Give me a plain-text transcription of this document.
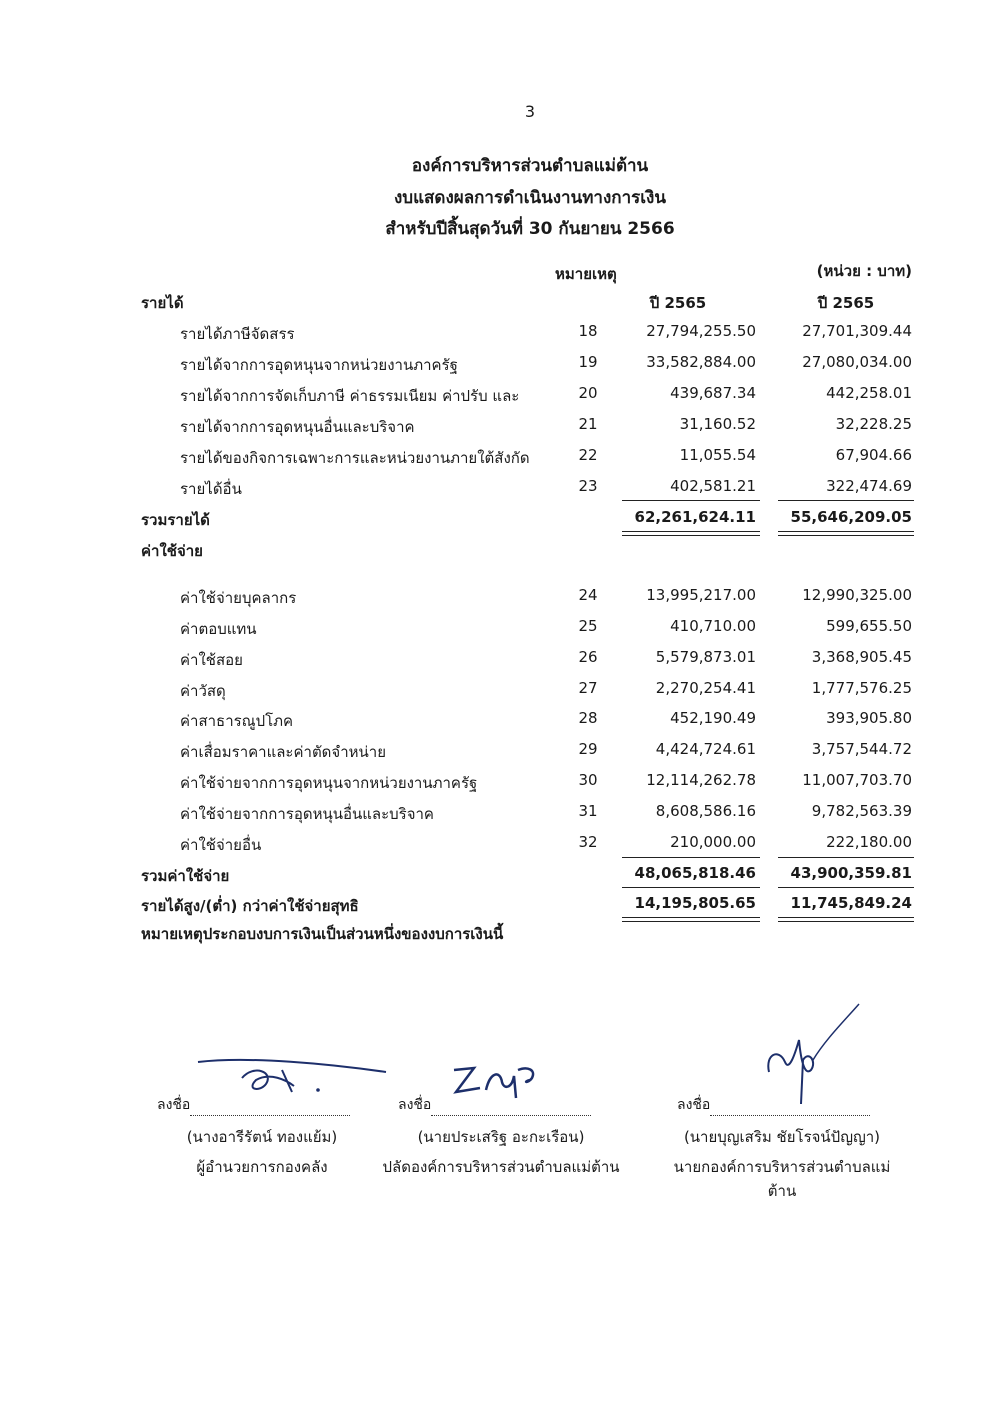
3
องค์การบริหารส่วนตำบลแม่ต้าน
งบแสดงผลการดำเนินงานทางการเงิน
สำหรับปีสิ้นสุดวันที่ 30 กันยายน 2566
หมายเหตุ	(หน่วย : บาท)
ปี 2565	ปี 2565
รายได้
รายได้ภาษีจัดสรร	18	27,794,255.50	27,701,309.44
รายได้จากการอุดหนุนจากหน่วยงานภาครัฐ	19	33,582,884.00	27,080,034.00
รายได้จากการจัดเก็บภาษี ค่าธรรมเนียม ค่าปรับ และ	20	439,687.34	442,258.01
รายได้จากการอุดหนุนอื่นและบริจาค	21	31,160.52	32,228.25
รายได้ของกิจการเฉพาะการและหน่วยงานภายใต้สังกัด	22	11,055.54	67,904.66
รายได้อื่น	23	402,581.21	322,474.69
รวมรายได้	62,261,624.11	55,646,209.05
ค่าใช้จ่าย
ค่าใช้จ่ายบุคลากร	24	13,995,217.00	12,990,325.00
ค่าตอบแทน	25	410,710.00	599,655.50
ค่าใช้สอย	26	5,579,873.01	3,368,905.45
ค่าวัสดุ	27	2,270,254.41	1,777,576.25
ค่าสาธารณูปโภค	28	452,190.49	393,905.80
ค่าเสื่อมราคาและค่าตัดจำหน่าย	29	4,424,724.61	3,757,544.72
ค่าใช้จ่ายจากการอุดหนุนจากหน่วยงานภาครัฐ	30	12,114,262.78	11,007,703.70
ค่าใช้จ่ายจากการอุดหนุนอื่นและบริจาค	31	8,608,586.16	9,782,563.39
ค่าใช้จ่ายอื่น	32	210,000.00	222,180.00
รวมค่าใช้จ่าย	48,065,818.46	43,900,359.81
รายได้สูง/(ต่ำ) กว่าค่าใช้จ่ายสุทธิ	14,195,805.65	11,745,849.24
หมายเหตุประกอบงบการเงินเป็นส่วนหนึ่งของงบการเงินนี้
ลงชื่อ
(นางอารีรัตน์ ทองแย้ม)
ผู้อำนวยการกองคลัง
ลงชื่อ
(นายประเสริฐ อะกะเรือน)
ปลัดองค์การบริหารส่วนตำบลแม่ต้าน
ลงชื่อ
(นายบุญเสริม ชัยโรจน์ปัญญา)
นายกองค์การบริหารส่วนตำบลแม่ต้าน
